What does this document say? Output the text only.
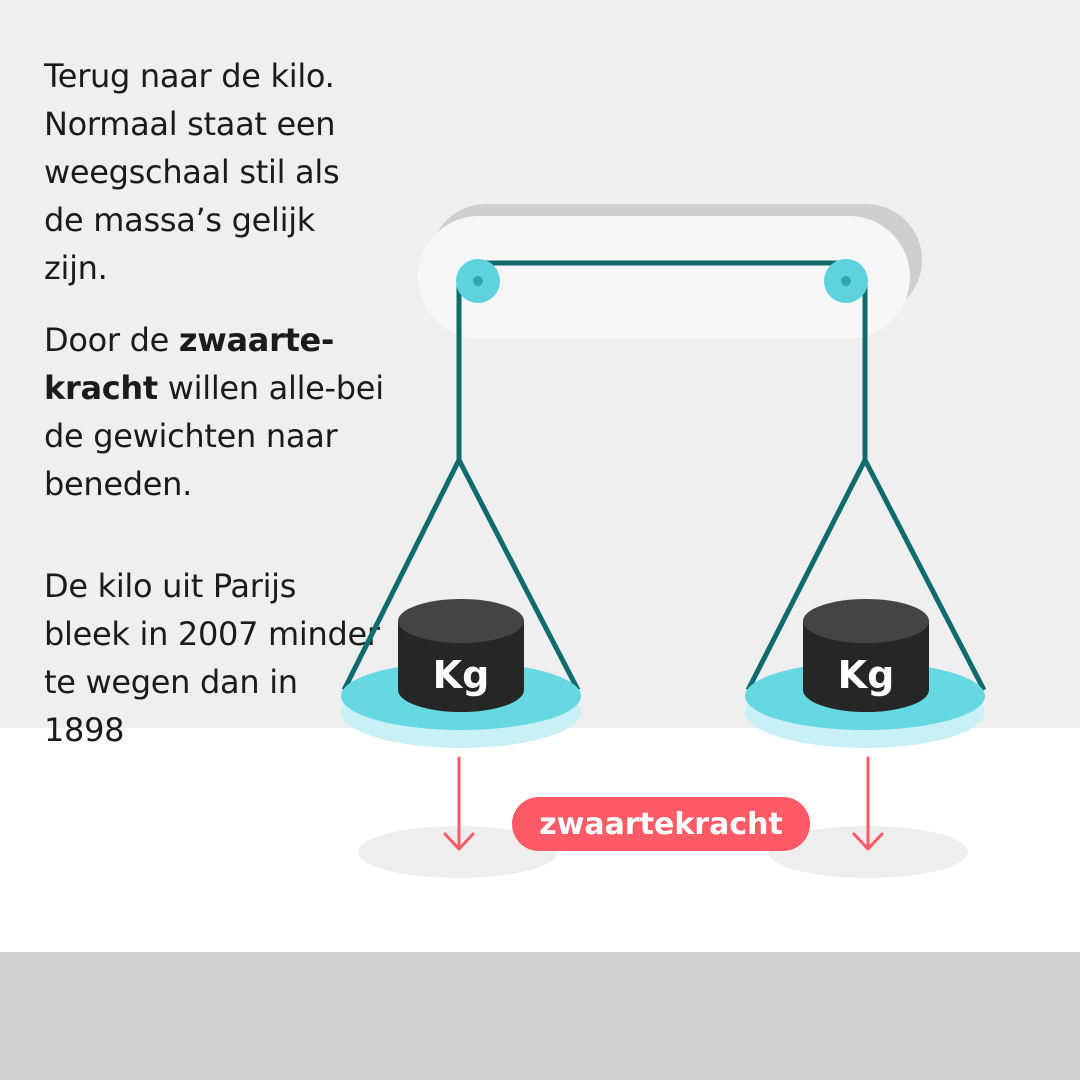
Terug naar de kilo. Normaal staat een weegschaal stil als de massa’s gelijk zijn.

Door de zwaarte-kracht willen alle-bei de gewichten naar beneden.

De kilo uit Parijs bleek in 2007 minder te wegen dan in 1898

Kg	Kg
zwaartekracht
